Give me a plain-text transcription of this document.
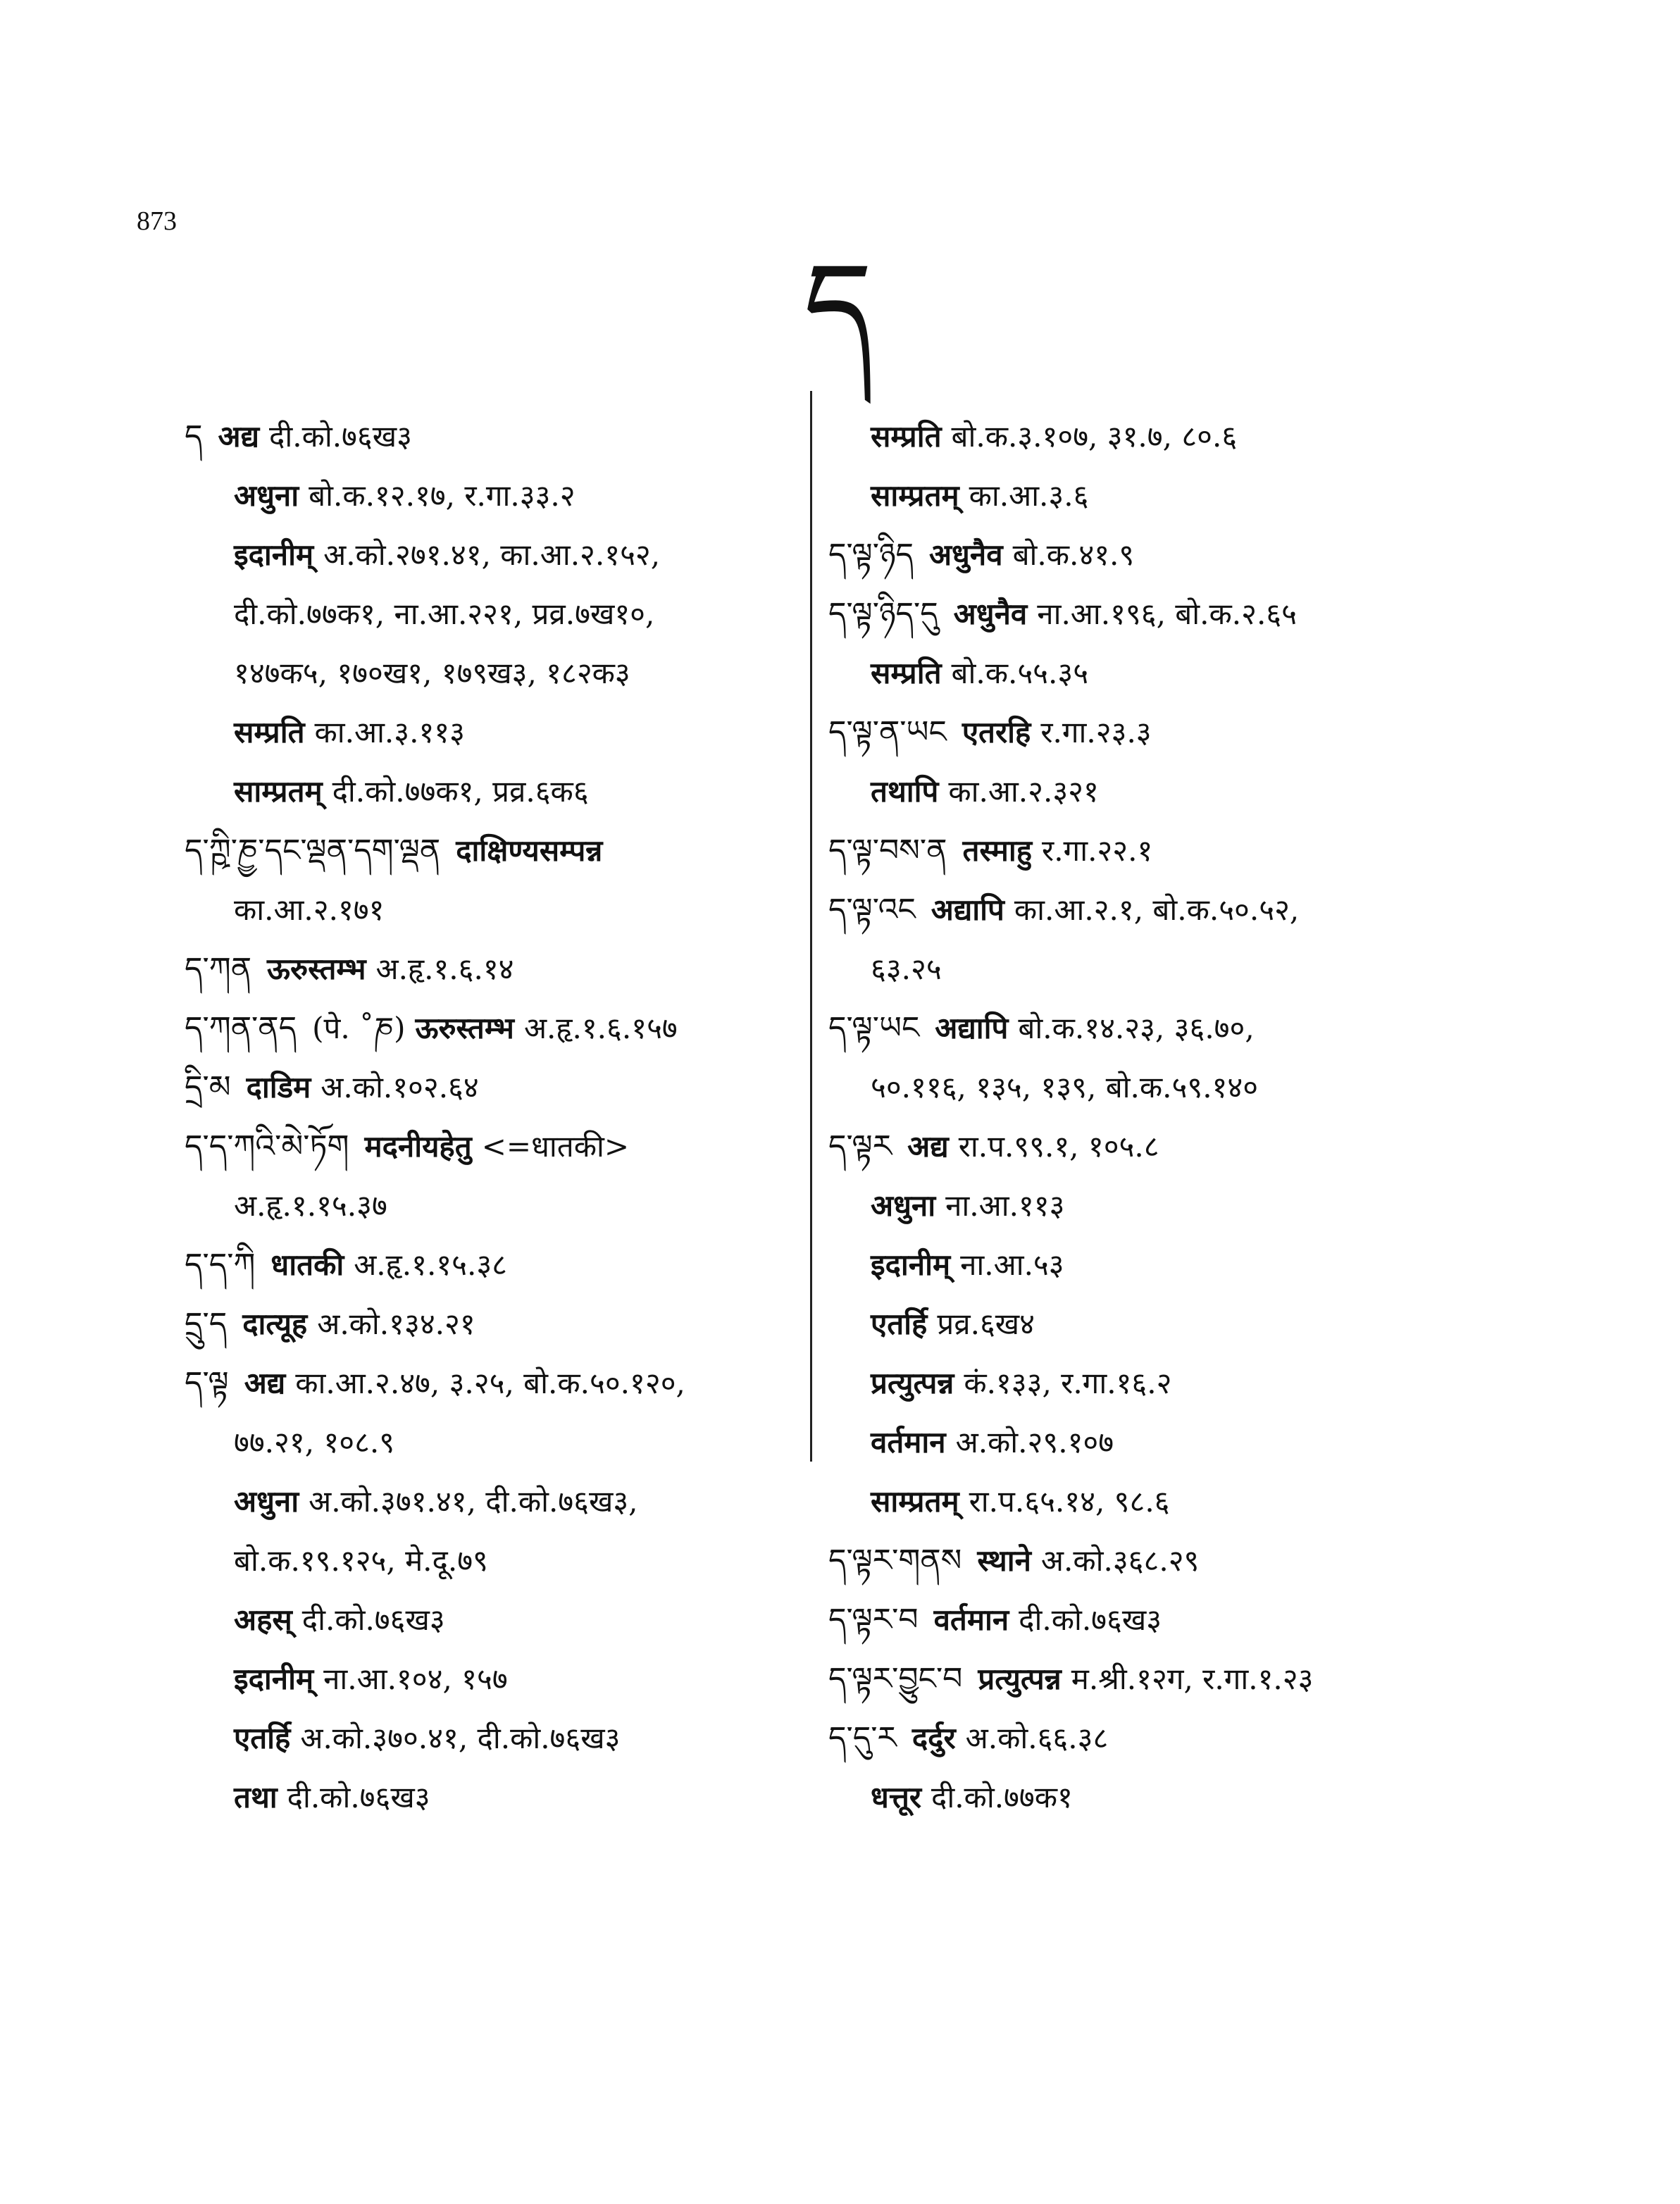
873
ད
ད अद्य दी.को.७६ख३
अधुना बो.क.१२.१७, र.गा.३३.२
इदानीम् अ.को.२७१.४१, का.आ.२.१५२,
दी.को.७७क१, ना.आ.२२१, प्रव्र.७ख१०,
१४७क५, १७०ख१, १७९ख३, १८२क३
सम्प्रति का.आ.३.११३
साम्प्रतम् दी.को.७७क१, प्रव्र.६क६
ད་ཀྵི་ཎྱ་དང་ལྡན་དག་ལྡན दाक्षिण्यसम्पन्न
का.आ.२.१७१
ད་ཀན ऊरुस्तम्भ अ.हृ.१.६.१४
ད་ཀན་ནད (पे. ˚ཎ) ऊरुस्तम्भ अ.हृ.१.६.१५७
དྲི་མ दाडिम अ.को.१०२.६४
ད་ད་ཀའི་མེ་ཏོག मदनीयहेतु <=धातकी>
अ.हृ.१.१५.३७
ད་ད་ཀི धातकी अ.हृ.१.१५.३८
དྲུ་ད दात्यूह अ.को.१३४.२१
ད་ལྟ अद्य का.आ.२.४७, ३.२५, बो.क.५०.१२०,
७७.२१, १०८.९
अधुना अ.को.३७१.४१, दी.को.७६ख३,
बो.क.१९.१२५, मे.दू.७९
अहस् दी.को.७६ख३
इदानीम् ना.आ.१०४, १५७
एतर्हि अ.को.३७०.४१, दी.को.७६ख३
तथा दी.को.७६ख३
सम्प्रति बो.क.३.१०७, ३१.७, ८०.६
साम्प्रतम् का.आ.३.६
ད་ལྟ་ཉིད अधुनैव बो.क.४१.९
ད་ལྟ་ཉིད་དུ अधुनैव ना.आ.१९६, बो.क.२.६५
सम्प्रति बो.क.५५.३५
ད་ལྟ་ན་ཡང एतरहि र.गा.२३.३
तथापि का.आ.२.३२१
ད་ལྟ་བས་ན तस्माहु र.गा.२२.१
ད་ལྟ་འང अद्यापि का.आ.२.१, बो.क.५०.५२,
६३.२५
ད་ལྟ་ཡང अद्यापि बो.क.१४.२३, ३६.७०,
५०.११६, १३५, १३९, बो.क.५९.१४०
ད་ལྟར अद्य रा.प.९९.१, १०५.८
अधुना ना.आ.११३
इदानीम् ना.आ.५३
एतर्हि प्रव्र.६ख४
प्रत्युत्पन्न कं.१३३, र.गा.१६.२
वर्तमान अ.को.२९.१०७
साम्प्रतम् रा.प.६५.१४, ९८.६
ད་ལྟར་གནས स्थाने अ.को.३६८.२९
ད་ལྟར་བ वर्तमान दी.को.७६ख३
ད་ལྟར་བྱུང་བ प्रत्युत्पन्न म.श्री.१२ग, र.गा.१.२३
ད་དུ་ར दर्दुर अ.को.६६.३८
धत्तूर दी.को.७७क१
